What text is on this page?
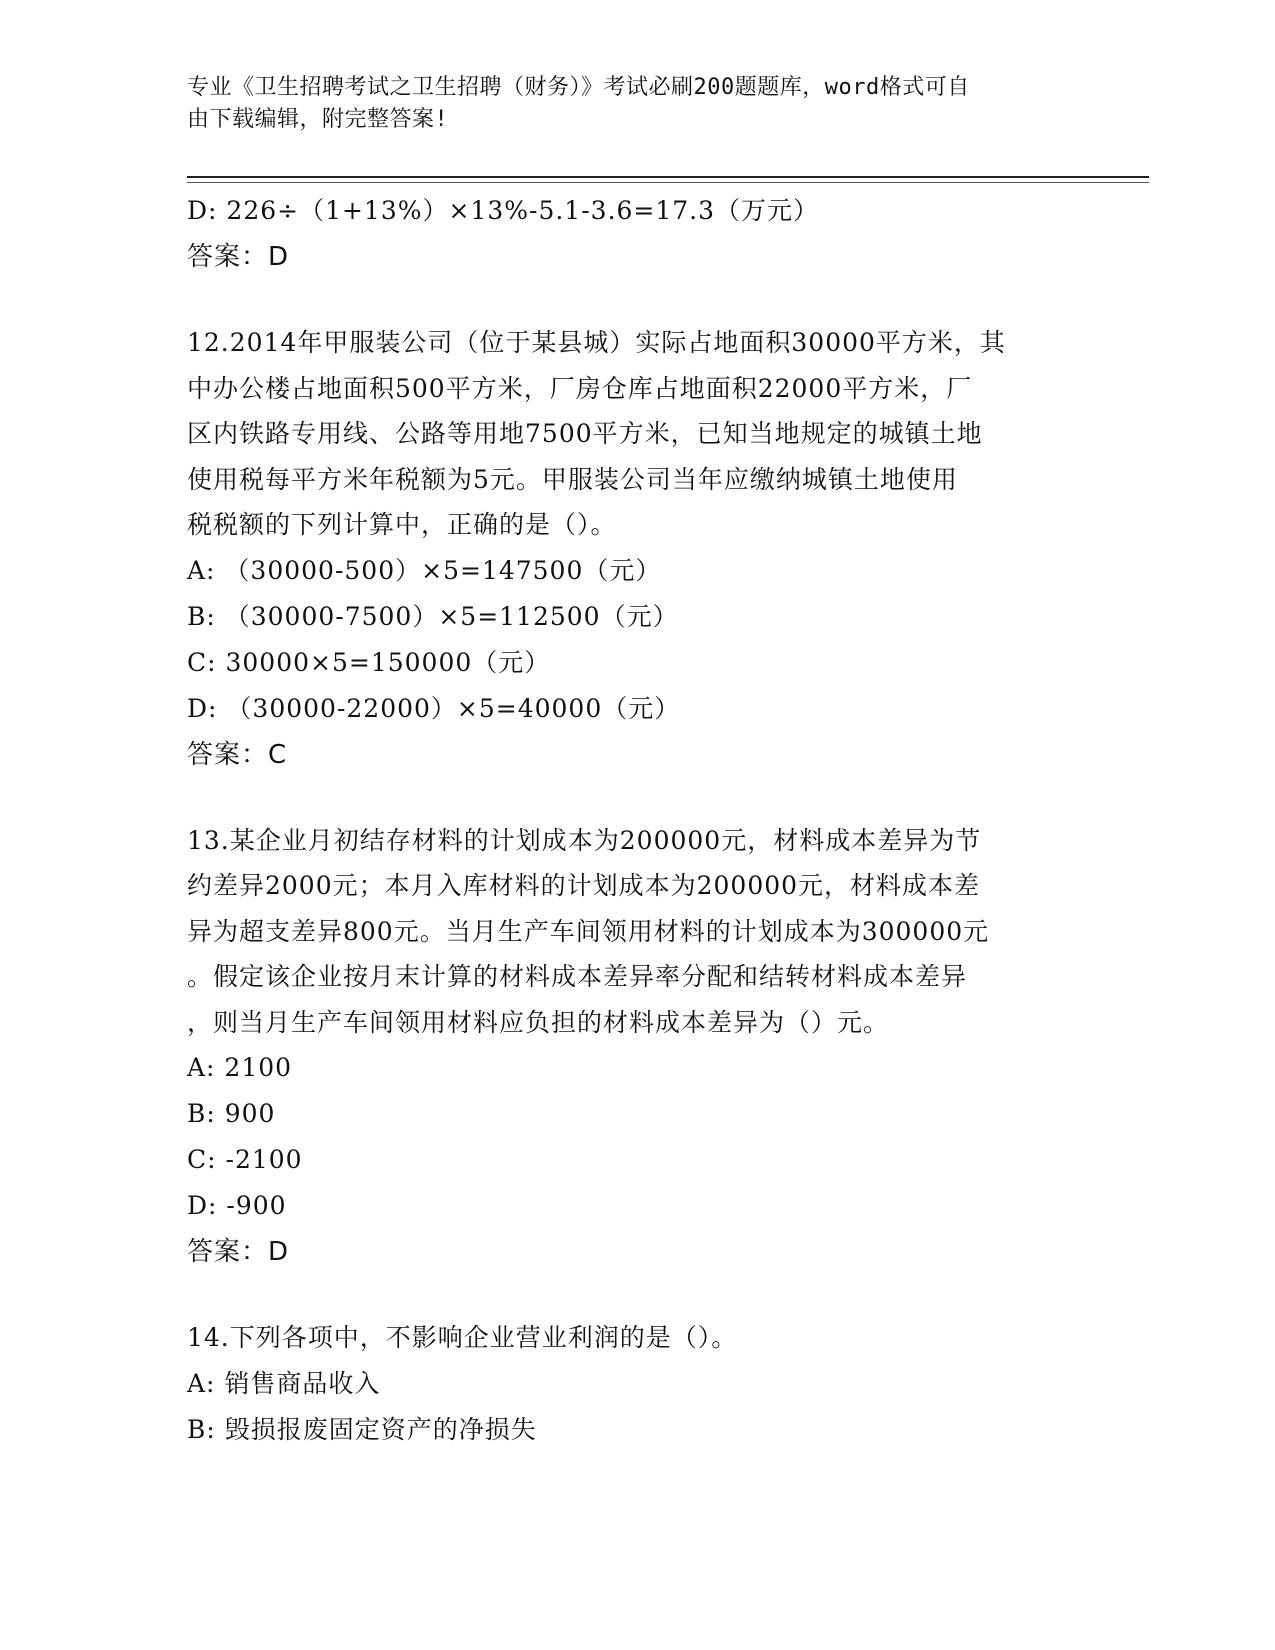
专业《卫生招聘考试之卫生招聘（财务）》考试必刷200题题库，word格式可自
由下载编辑，附完整答案!
D: 226÷（1+13%）×13%-5.1-3.6=17.3（万元）
答案：D
12.2014年甲服装公司（位于某县城）实际占地面积30000平方米，其
中办公楼占地面积500平方米，厂房仓库占地面积22000平方米，厂
区内铁路专用线、公路等用地7500平方米，已知当地规定的城镇土地
使用税每平方米年税额为5元。甲服装公司当年应缴纳城镇土地使用
税税额的下列计算中，正确的是（）。
A: （30000-500）×5=147500（元）
B: （30000-7500）×5=112500（元）
C: 30000×5=150000（元）
D: （30000-22000）×5=40000（元）
答案：C
13.某企业月初结存材料的计划成本为200000元，材料成本差异为节
约差异2000元；本月入库材料的计划成本为200000元，材料成本差
异为超支差异800元。当月生产车间领用材料的计划成本为300000元
。假定该企业按月末计算的材料成本差异率分配和结转材料成本差异
，则当月生产车间领用材料应负担的材料成本差异为（）元。
A: 2100
B: 900
C: -2100
D: -900
答案：D
14.下列各项中，不影响企业营业利润的是（）。
A: 销售商品收入
B: 毁损报废固定资产的净损失
